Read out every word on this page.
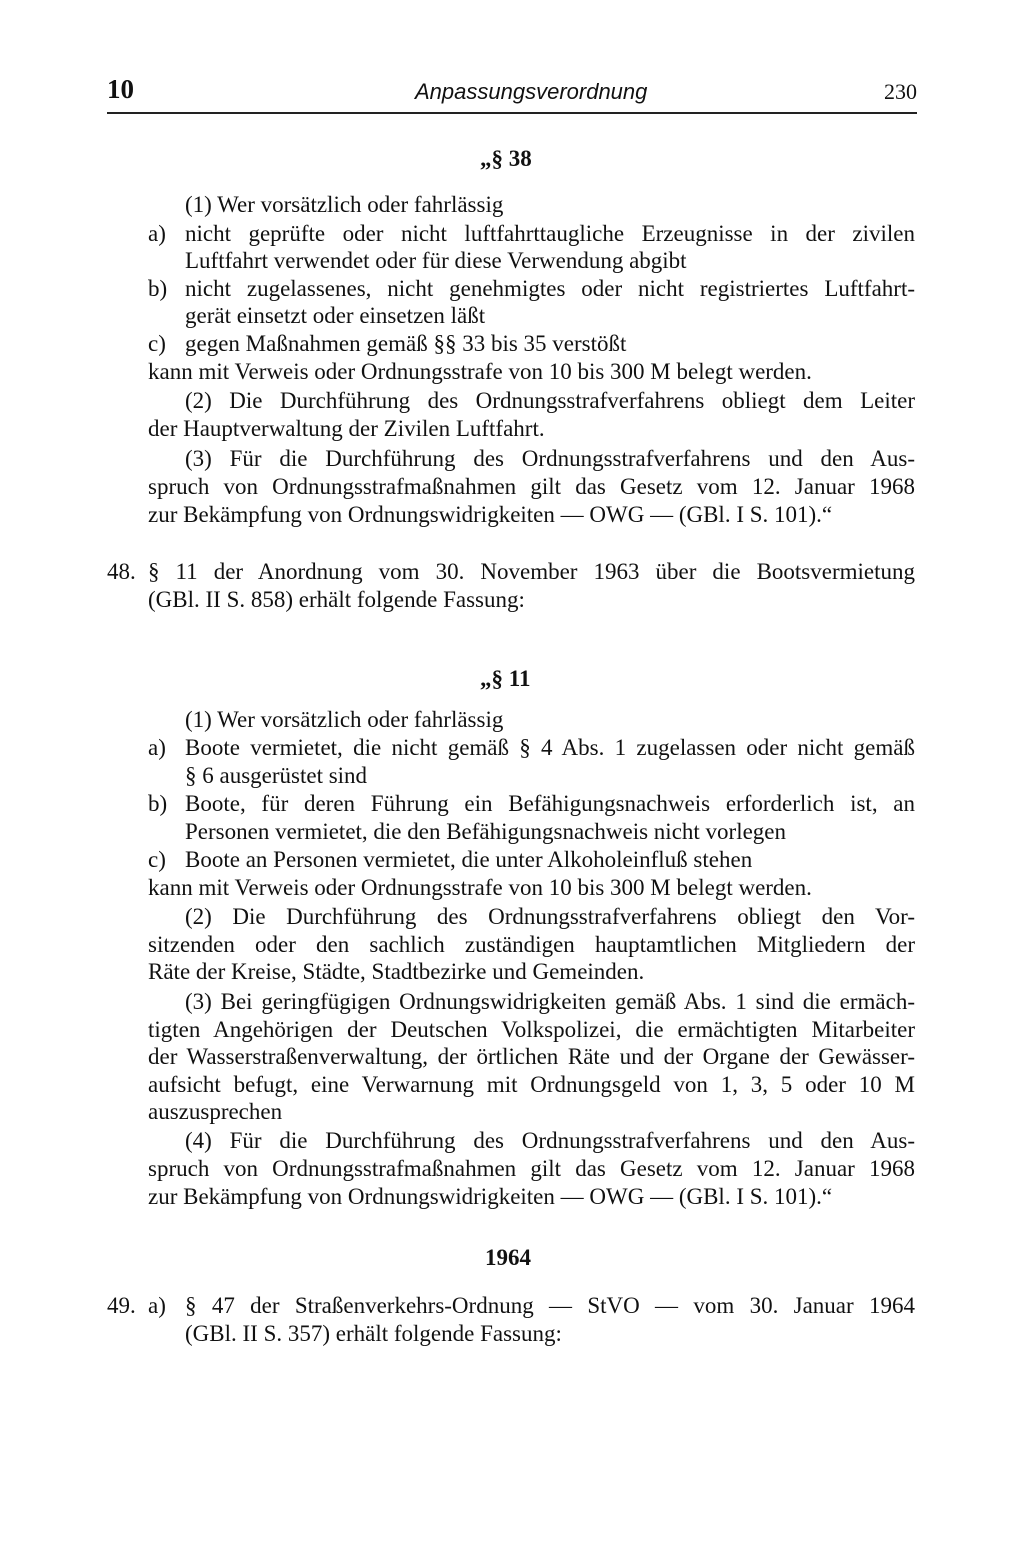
10	Anpassungsverordnung	230
„§ 38
(1) Wer vorsätzlich oder fahrlässig
a) nicht geprüfte oder nicht luftfahrttaugliche Erzeugnisse in der zivilen
Luftfahrt verwendet oder für diese Verwendung abgibt
b) nicht zugelassenes, nicht genehmigtes oder nicht registriertes Luftfahrt-
gerät einsetzt oder einsetzen läßt
c) gegen Maßnahmen gemäß §§ 33 bis 35 verstößt
kann mit Verweis oder Ordnungsstrafe von 10 bis 300 M belegt werden.
(2) Die Durchführung des Ordnungsstrafverfahrens obliegt dem Leiter
der Hauptverwaltung der Zivilen Luftfahrt.
(3) Für die Durchführung des Ordnungsstrafverfahrens und den Aus-
spruch von Ordnungsstrafmaßnahmen gilt das Gesetz vom 12. Januar 1968
zur Bekämpfung von Ordnungswidrigkeiten — OWG — (GBl. I S. 101).“
48. § 11 der Anordnung vom 30. November 1963 über die Bootsvermietung
(GBl. II S. 858) erhält folgende Fassung:
„§ 11
(1) Wer vorsätzlich oder fahrlässig
a) Boote vermietet, die nicht gemäß § 4 Abs. 1 zugelassen oder nicht gemäß
§ 6 ausgerüstet sind
b) Boote, für deren Führung ein Befähigungsnachweis erforderlich ist, an
Personen vermietet, die den Befähigungsnachweis nicht vorlegen
c) Boote an Personen vermietet, die unter Alkoholeinfluß stehen
kann mit Verweis oder Ordnungsstrafe von 10 bis 300 M belegt werden.
(2) Die Durchführung des Ordnungsstrafverfahrens obliegt den Vor-
sitzenden oder den sachlich zuständigen hauptamtlichen Mitgliedern der
Räte der Kreise, Städte, Stadtbezirke und Gemeinden.
(3) Bei geringfügigen Ordnungswidrigkeiten gemäß Abs. 1 sind die ermäch-
tigten Angehörigen der Deutschen Volkspolizei, die ermächtigten Mitarbeiter
der Wasserstraßenverwaltung, der örtlichen Räte und der Organe der Gewässer-
aufsicht befugt, eine Verwarnung mit Ordnungsgeld von 1, 3, 5 oder 10 M
auszusprechen
(4) Für die Durchführung des Ordnungsstrafverfahrens und den Aus-
spruch von Ordnungsstrafmaßnahmen gilt das Gesetz vom 12. Januar 1968
zur Bekämpfung von Ordnungswidrigkeiten — OWG — (GBl. I S. 101).“
1964
49. a) § 47 der Straßenverkehrs-Ordnung — StVO — vom 30. Januar 1964
(GBl. II S. 357) erhält folgende Fassung:
